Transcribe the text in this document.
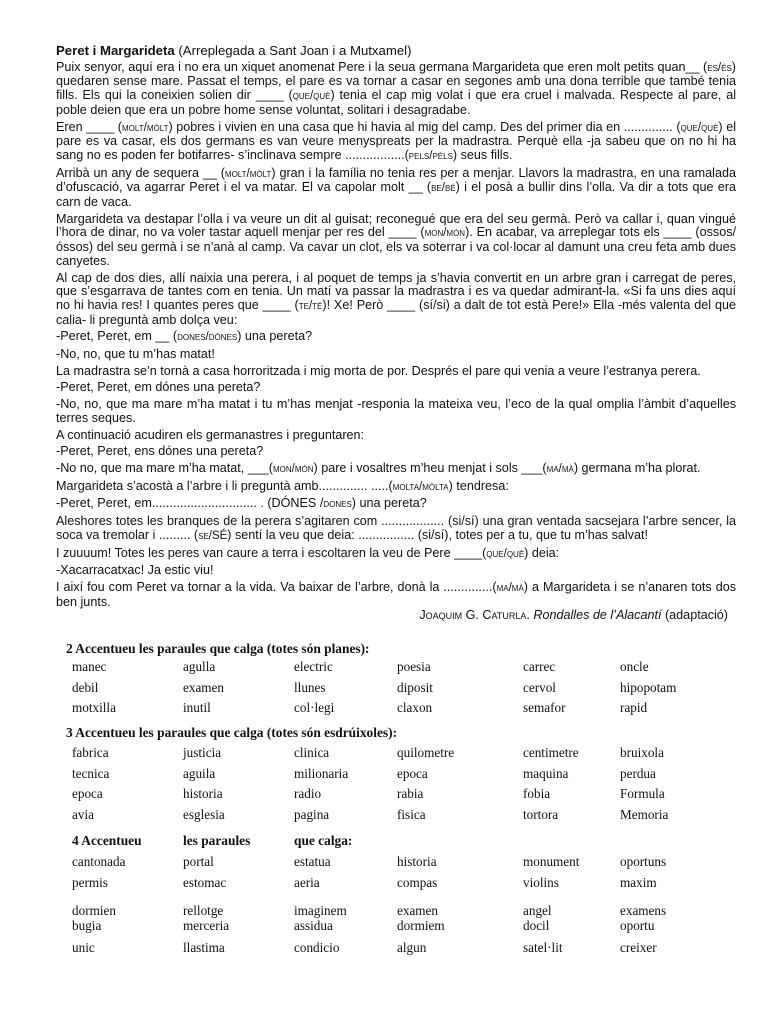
Peret i Margarideta (Arreplegada a Sant Joan i a Mutxamel)

Puix senyor, aquí era i no era un xiquet anomenat Pere i la seua germana Margarideta que eren molt petits quan__ (es/és) quedaren sense mare. Passat el temps, el pare es va tornar a casar en segones amb una dona terrible que també tenia fills. Els qui la coneixien solien dir ____ (que/què) tenia el cap mig volat i que era cruel i malvada. Respecte al pare, al poble deien que era un pobre home sense voluntat, solitari i desagradabe.

Eren ____ (molt/mòlt) pobres i vivien en una casa que hi havia al mig del camp. Des del primer dia en .............. (que/què) el pare es va casar, els dos germans es van veure menyspreats per la madrastra. Perquè ella -ja sabeu que on no hi ha sang no es poden fer botifarres- s’inclinava sempre .................(pels/pèls) seus fills.

Arribà un any de sequera __ (molt/mòlt) gran i la família no tenia res per a menjar. Llavors la madrastra, en una ramalada d’ofuscació, va agarrar Peret i el va matar. El va capolar molt __ (be/bé) i el posà a bullir dins l’olla. Va dir a tots que era carn de vaca.

Margarideta va destapar l’olla i va veure un dit al guisat; reconegué que era del seu germà. Però va callar i, quan vingué l’hora de dinar, no va voler tastar aquell menjar per res del ____ (mon/món). En acabar, va arreplegar tots els ____ (ossos/óssos) del seu germà i se n’anà al camp. Va cavar un clot, els va soterrar i va col·locar al damunt una creu feta amb dues canyetes.

Al cap de dos dies, allí naixia una perera, i al poquet de temps ja s’havia convertit en un arbre gran i carregat de peres, que s’esgarrava de tantes com en tenia. Un matí va passar la madrastra i es va quedar admirant-la. «Si fa uns dies aquí no hi havia res! I quantes peres que ____ (te/té)! Xe! Però ____ (sí/si) a dalt de tot està Pere!» Ella -més valenta del que calia- li preguntà amb dolça veu:

-Peret, Peret, em __ (dones/dónes) una pereta?

-No, no, que tu m’has matat!

La madrastra se’n tornà a casa horroritzada i mig morta de por. Després el pare qui venia a veure l’estranya perera.

-Peret, Peret, em dónes una pereta?

-No, no, que ma mare m’ha matat i tu m’has menjat -responia la mateixa veu, l’eco de la qual omplia l’àmbit d’aquelles terres seques.

A continuació acudiren els germanastres i preguntaren:

-Peret, Peret, ens dónes una pereta?

-No no, que ma mare m’ha matat, ___(mon/món) pare i vosaltres m’heu menjat i sols ___(ma/mà) germana m’ha plorat.

Margarideta s’acostà a l’arbre i li preguntà amb.............. .....(molta/mòlta) tendresa:

-Peret, Peret, em.............................. . (DÓNES /dones) una pereta?

Aleshores totes les branques de la perera s’agitaren com .................. (si/sí) una gran ventada sacsejara l’arbre sencer, la soca va tremolar i ......... (se/SÉ) sentí la veu que deia: ................ (si/sí), totes per a tu, que tu m’has salvat!

I zuuuum! Totes les peres van caure a terra i escoltaren la veu de Pere ____(que/què) deia:

-Xacarracatxac! Ja estic viu!

I així fou com Peret va tornar a la vida. Va baixar de l’arbre, donà la ..............(ma/mà) a Margarideta i se n’anaren tots dos ben junts.

Joaquim G. Caturla. Rondalles de l’Alacantí (adaptació)
2 Accentueu les paraules que calga (totes són planes):
manec	agulla	electric	poesia	carrec	oncle
debil	examen	llunes	diposit	cervol	hipopotam
motxilla	inutil	col·legi	claxon	semafor	rapid
3 Accentueu les paraules que calga (totes són esdrúixoles):
fabrica	justicia	clinica	quilometre	centimetre	bruixola
tecnica	aguila	milionaria	epoca	maquina	perdua
epoca	historia	radio	rabia	fobia	Formula
avia	esglesia	pagina	fisica	tortora	Memoria
4 Accentueu	les paraules	que calga:
cantonada	portal	estatua	historia	monument	oportuns
permis	estomac	aeria	compas	violins	maxim
dormien	rellotge	imaginem	examen	angel	examens
bugia	merceria	assidua	dormiem	docil	oportu
unic	llastima	condicio	algun	satel·lit	creixer
